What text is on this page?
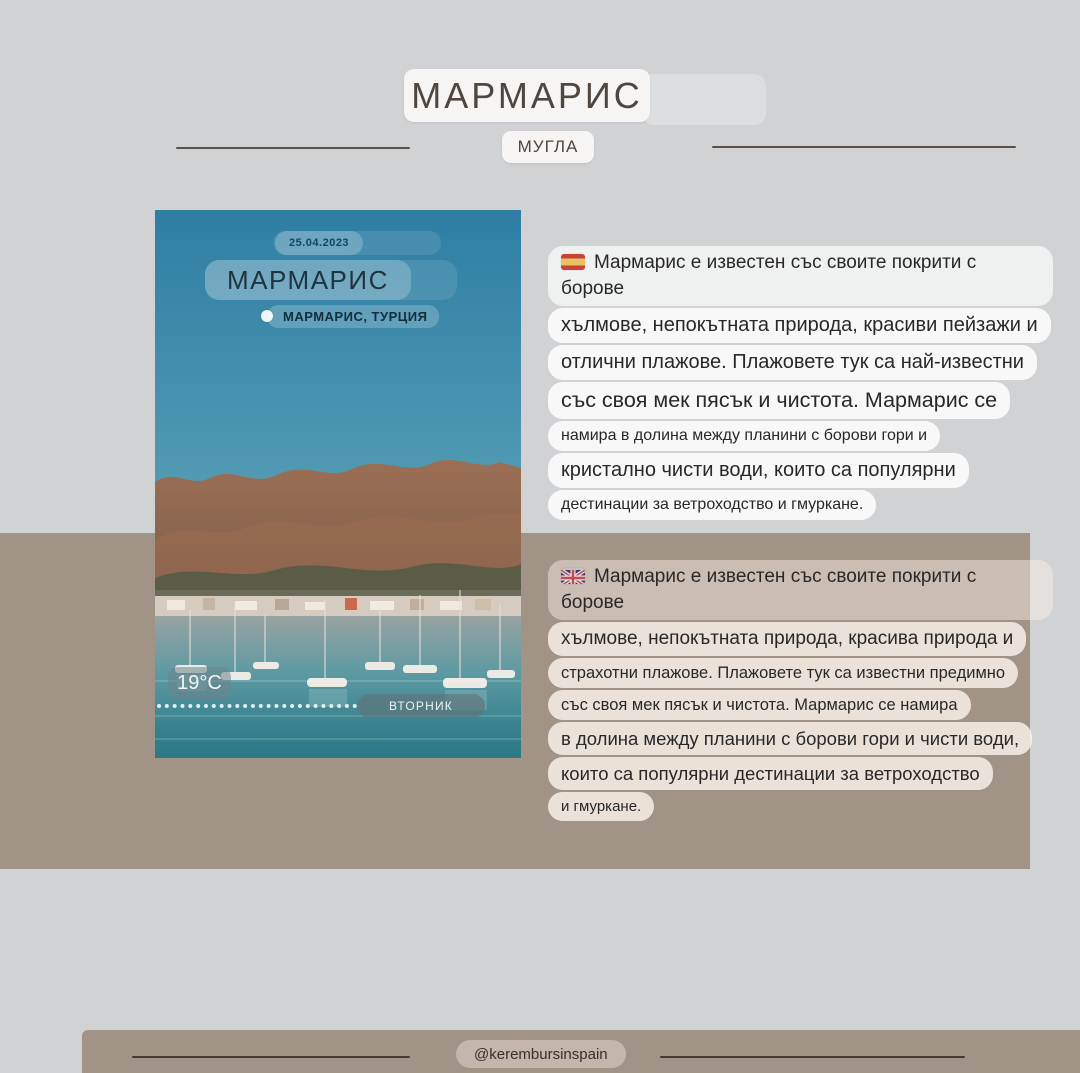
МАРМАРИС
МУГЛА
25.04.2023
МАРМАРИС
МАРМАРИС, ТУРЦИЯ
19°C
ВТОРНИК
Мармарис е известен със своите покрити с борове
хълмове, непокътната природа, красиви пейзажи и
отлични плажове. Плажовете тук са най-известни
със своя мек пясък и чистота. Мармарис се
намира в долина между планини с борови гори и
кристално чисти води, които са популярни
дестинации за ветроходство и гмуркане.
Мармарис е известен със своите покрити с борове
хълмове, непокътната природа, красива природа и
страхотни плажове. Плажовете тук са известни предимно
със своя мек пясък и чистота. Мармарис се намира
в долина между планини с борови гори и чисти води,
които са популярни дестинации за ветроходство
и гмуркане.
@kerembursinspain
